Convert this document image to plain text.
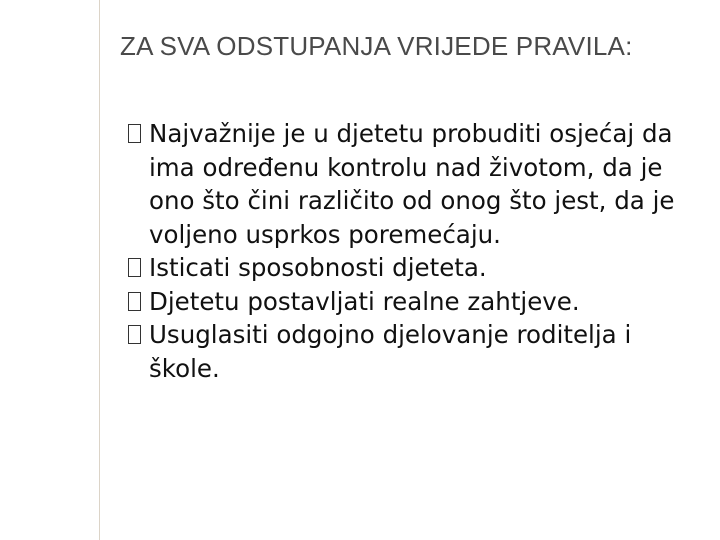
ZA SVA ODSTUPANJA VRIJEDE PRAVILA:
Najvažnije je u djetetu probuditi osjećaj da ima određenu kontrolu nad životom, da je ono što čini različito od onog što jest, da je voljeno usprkos poremećaju.
Isticati sposobnosti djeteta.
Djetetu postavljati realne zahtjeve.
Usuglasiti odgojno djelovanje roditelja i škole.
